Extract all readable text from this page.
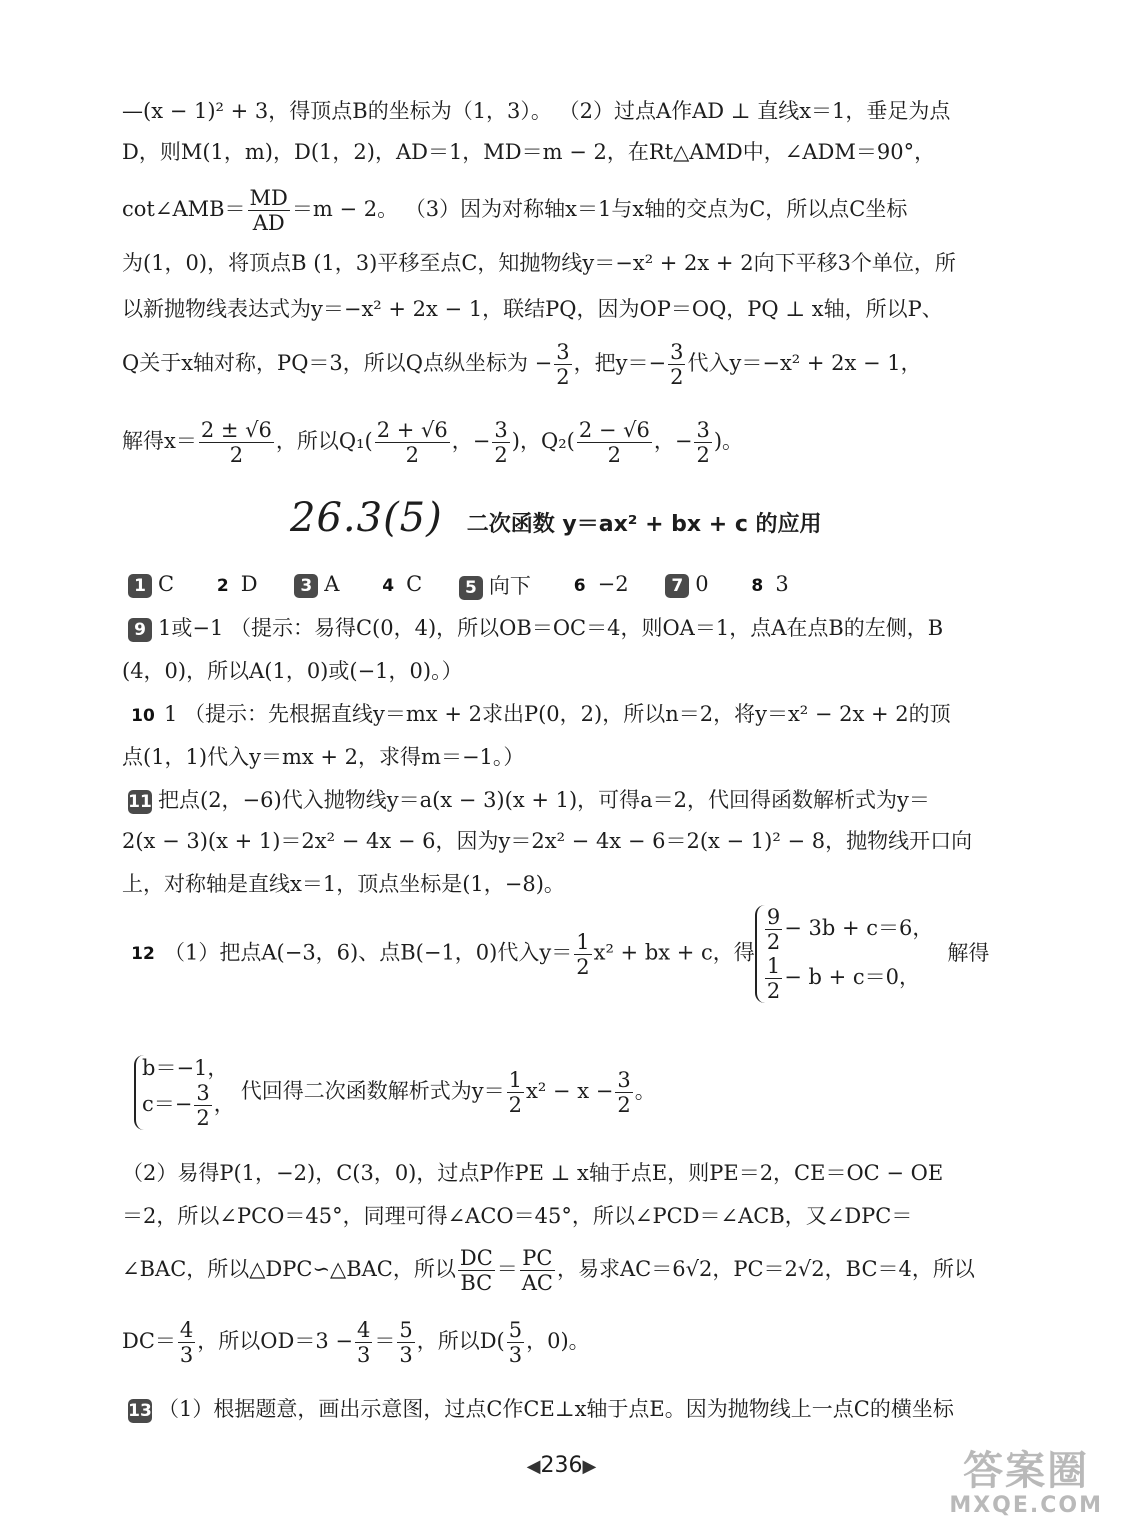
—(x − 1)² + 3，得顶点B的坐标为（1，3）。 （2）过点A作AD ⊥ 直线x＝1，垂足为点
D，则M(1，m)，D(1，2)，AD＝1，MD＝m − 2，在Rt△AMD中，∠ADM＝90°，
cot∠AMB＝ $\frac{MD}{AD} =m - 2$。 （3）因为对称轴x＝1与x轴的交点为C，所以点C坐标
为(1，0)，将顶点B (1，3)平移至点C，知抛物线y＝−x² + 2x + 2向下平移3个单位，所
以新抛物线表达式为y＝−x² + 2x − 1，联结PQ，因为OP＝OQ，PQ ⊥ x轴，所以P、
Q关于x轴对称，PQ＝3，所以Q点纵坐标为 − $\frac{3}{2}$ ，把$y=- \frac{3}{2}$ 代入y＝−x² + 2x − 1，
解得$x= \frac{2 \pm √6}{2}$ ，所以$Q_1( \frac{2 + √6}{2}$ ，− $\frac{3}{2}$ )，$Q_2( \frac{2 - √6}{2}$ ，− $\frac{3}{2}$ )。
26.3(5) 二次函数 y＝ax² + bx + c 的应用
1 C	2 D	3 A	4 C	5 向下	6 −2	7 0	8 3
9 1或−1 （提示：易得C(0，4)，所以OB＝OC＝4，则OA＝1，点A在点B的左侧，B
(4，0)，所以A(1，0)或(−1，0)。）
10 1 （提示：先根据直线y＝mx + 2求出P(0，2)，所以n＝2，将y＝x² − 2x + 2的顶
点(1，1)代入y＝mx + 2，求得m＝−1。）
11 把点(2，−6)代入抛物线y＝a(x − 3)(x + 1)，可得a＝2，代回得函数解析式为y＝
2(x − 3)(x + 1)＝2x² − 4x − 6，因为y＝2x² − 4x − 6＝2(x − 1)² − 8，抛物线开口向
上，对称轴是直线x＝1，顶点坐标是(1，−8)。
12 （1）把点A(−3，6)、点B(−1，0)代入$y= \frac{1}{2} x^2$ + bx + c，得 $\frac{9}{2} - 3b + c=6$，
$\frac{1}{2} - b + c=0$，
解得
b＝−1，
$c=- \frac{3}{2}$ ，
代回得二次函数解析式为$y= \frac{1}{2} x^2 - x - \frac{3}{2}$ 。
（2）易得P(1，−2)，C(3，0)，过点P作PE ⊥ x轴于点E，则PE＝2，CE＝OC − OE
＝2，所以∠PCO＝45°，同理可得∠ACO＝45°，所以∠PCD＝∠ACB，又∠DPC＝
∠BAC，所以△DPC∽△BAC，所以 $\frac{DC}{BC} = \frac{PC}{AC}$ ，易求AC＝6√2，PC＝2√2，BC＝4，所以
$DC= \frac{4}{3}$ ，所以$OD=3 - \frac{4}{3} = \frac{5}{3}$ ，所以$D( \frac{5}{3}$ ，0)。
13 （1）根据题意，画出示意图，过点C作CE⊥x轴于点E。因为抛物线上一点C的横坐标
◀236▶	答案圈
MXQE.COM
